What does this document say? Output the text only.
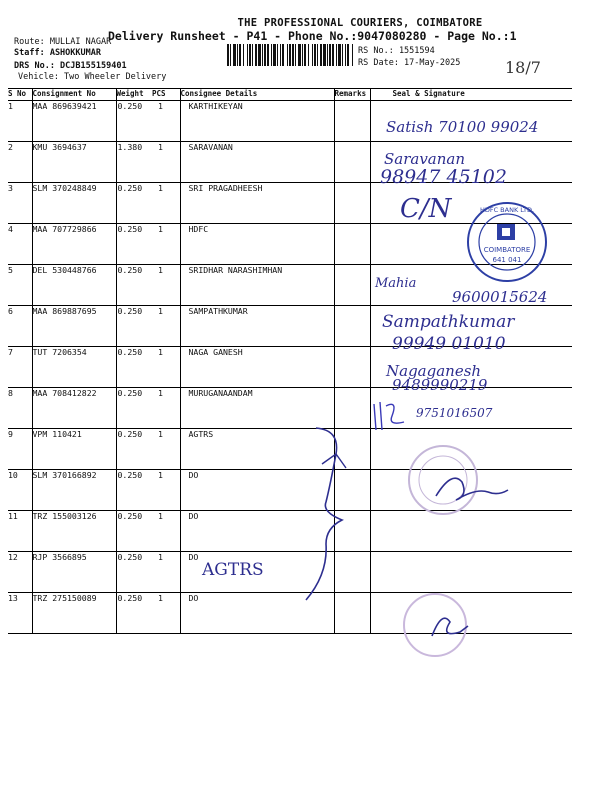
THE PROFESSIONAL COURIERS, COIMBATORE
Delivery Runsheet - P41 - Phone No.:9047080280 - Page No.:1
Route: MULLAI NAGAR
Staff: ASHOKKUMAR
DRS No.: DCJB155159401
Vehicle: Two Wheeler Delivery
RS No.: 1551594
RS Date: 17-May-2025	18/7
S No	Consignment No	Weight	PCS	Consignee Details	Remarks	Seal & Signature
1	MAA 869639421	0.250	1	KARTHIKEYAN		
2	KMU 3694637	1.380	1	SARAVANAN		
3	SLM 370248849	0.250	1	SRI PRAGADHEESH		
4	MAA 707729866	0.250	1	HDFC		
5	DEL 530448766	0.250	1	SRIDHAR NARASHIMHAN		
6	MAA 869887695	0.250	1	SAMPATHKUMAR		
7	TUT 7206354	0.250	1	NAGA GANESH		
8	MAA 708412822	0.250	1	MURUGANAANDAM		
9	VPM 110421	0.250	1	AGTRS		
10	SLM 370166892	0.250	1	DO		
11	TRZ 155003126	0.250	1	DO		
12	RJP 3566895	0.250	1	DO		
13	TRZ 275150089	0.250	1	DO		
Satish 70100 99024
Saravanan
98947 45102
C/N
COIMBATORE
641 041
HDFC BANK LTD.
Mahia
9600015624
Sampathkumar
99949 01010
Nagaganesh
9489990219
9751016507
AGTRS
